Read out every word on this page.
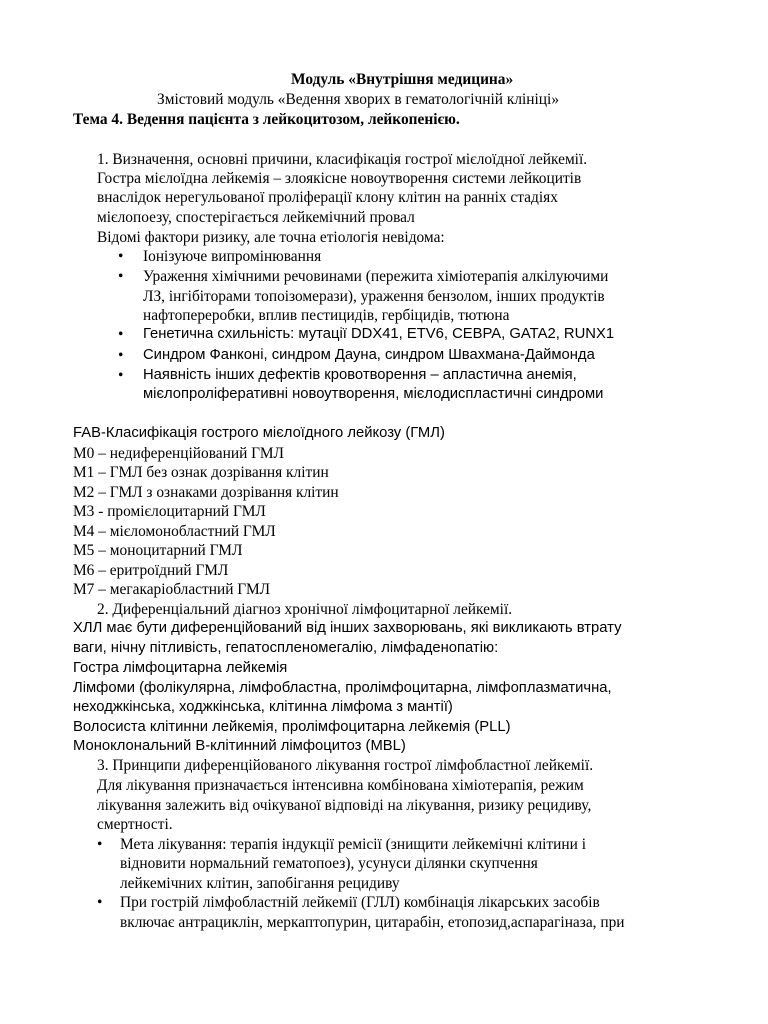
Модуль «Внутрішня медицина»
Змістовий модуль «Ведення хворих в гематологічній клініці»
Тема 4. Ведення пацієнта з лейкоцитозом, лейкопенією.
1. Визначення, основні причини, класифікація гострої мієлоїдної лейкемії.
Гостра мієлоїдна лейкемія – злоякісне новоутворення системи лейкоцитів
внаслідок нерегульованої проліферації клону клітин на ранніх стадіях
мієлопоезу, спостерігається лейкемічний провал
Відомі фактори ризику, але точна етіологія невідома:
• Іонізуюче випромінювання
• Ураження хімічними речовинами (пережита хіміотерапія алкілуючими
ЛЗ, інгібіторами топоізомерази), ураження бензолом, інших продуктів
нафтопереробки, вплив пестицидів, гербіцидів, тютюна
• Генетична схильність: мутації DDX41, ETV6, CEBPA, GATA2, RUNX1
• Синдром Фанконі, синдром Дауна, синдром Швахмана-Даймонда
• Наявність інших дефектів кровотворення – апластична анемія,
мієлопроліферативні новоутворення, мієлодиспластичні синдроми
FAB-Класифікація гострого мієлоїдного лейкозу (ГМЛ)
М0 – недиференційований ГМЛ
М1 – ГМЛ без ознак дозрівання клітин
М2 – ГМЛ з ознаками дозрівання клітин
М3 - промієлоцитарний ГМЛ
М4 – мієломонобластний ГМЛ
М5 – моноцитарний ГМЛ
М6 – еритроїдний ГМЛ
М7 – мегакаріобластний ГМЛ
2. Диференціальний діагноз хронічної лімфоцитарної лейкемії.
ХЛЛ має бути диференційований від інших захворювань, які викликають втрату
ваги, нічну пітливість, гепатоспленомегалію, лімфаденопатію:
Гостра лімфоцитарна лейкемія
Лімфоми (фолікулярна, лімфобластна, пролімфоцитарна, лімфоплазматична,
неходжкінська, ходжкінська, клітинна лімфома з мантії)
Волосиста клітинни лейкемія, пролімфоцитарна лейкемія (PLL)
Моноклональний В-клітинний лімфоцитоз (MBL)
3. Принципи диференційованого лікування гострої лімфобластної лейкемії.
Для лікування призначається інтенсивна комбінована хіміотерапія, режим
лікування залежить від очікуваної відповіді на лікування, ризику рецидиву,
смертності.
• Мета лікування: терапія індукції ремісії (знищити лейкемічні клітини і
відновити нормальний гематопоез), усунуси ділянки скупчення
лейкемічних клітин, запобігання рецидиву
• При гострій лімфобластній лейкемії (ГЛЛ) комбінація лікарських засобів
включає антрациклін, меркаптопурин, цитарабін, етопозид,аспарагіназа, при
